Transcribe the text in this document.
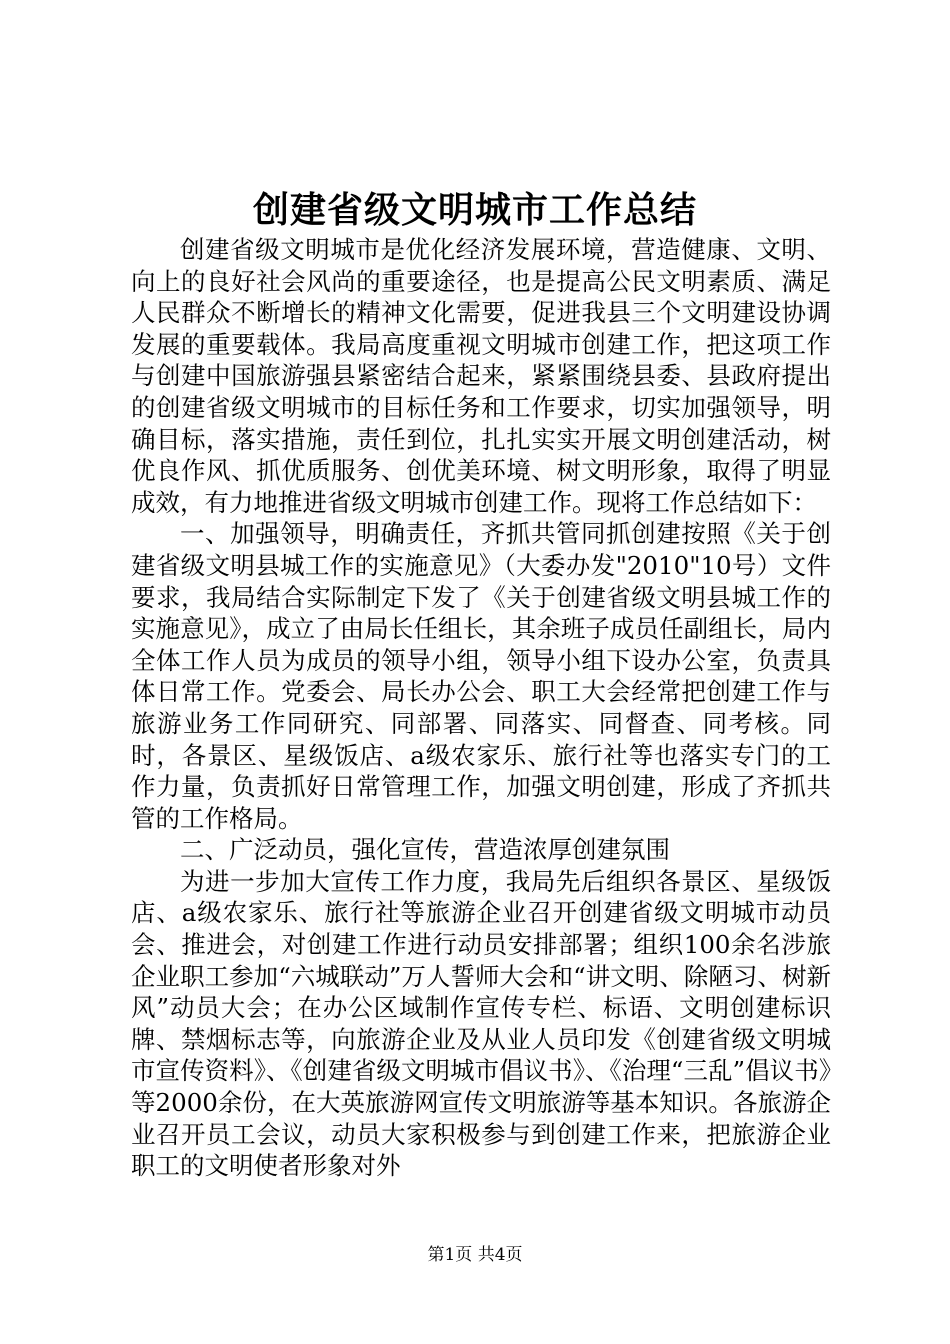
创建省级文明城市工作总结

创建省级文明城市是优化经济发展环境，营造健康、文明、向上的良好社会风尚的重要途径，也是提高公民文明素质、满足人民群众不断增长的精神文化需要，促进我县三个文明建设协调发展的重要载体。我局高度重视文明城市创建工作，把这项工作与创建中国旅游强县紧密结合起来，紧紧围绕县委、县政府提出的创建省级文明城市的目标任务和工作要求，切实加强领导，明确目标，落实措施，责任到位，扎扎实实开展文明创建活动，树优良作风、抓优质服务、创优美环境、树文明形象，取得了明显成效，有力地推进省级文明城市创建工作。现将工作总结如下：

一、加强领导，明确责任，齐抓共管同抓创建按照《关于创建省级文明县城工作的实施意见》（大委办发"2010"10号）文件要求，我局结合实际制定下发了《关于创建省级文明县城工作的实施意见》，成立了由局长任组长，其余班子成员任副组长，局内全体工作人员为成员的领导小组，领导小组下设办公室，负责具体日常工作。党委会、局长办公会、职工大会经常把创建工作与旅游业务工作同研究、同部署、同落实、同督查、同考核。同时，各景区、星级饭店、a级农家乐、旅行社等也落实专门的工作力量，负责抓好日常管理工作，加强文明创建，形成了齐抓共管的工作格局。

二、广泛动员，强化宣传，营造浓厚创建氛围

为进一步加大宣传工作力度，我局先后组织各景区、星级饭店、a级农家乐、旅行社等旅游企业召开创建省级文明城市动员会、推进会，对创建工作进行动员安排部署；组织100余名涉旅企业职工参加“六城联动”万人誓师大会和“讲文明、除陋习、树新风”动员大会；在办公区域制作宣传专栏、标语、文明创建标识牌、禁烟标志等，向旅游企业及从业人员印发《创建省级文明城市宣传资料》、《创建省级文明城市倡议书》、《治理“三乱”倡议书》等2000余份，在大英旅游网宣传文明旅游等基本知识。各旅游企业召开员工会议，动员大家积极参与到创建工作来，把旅游企业职工的文明使者形象对外

第1页 共4页
